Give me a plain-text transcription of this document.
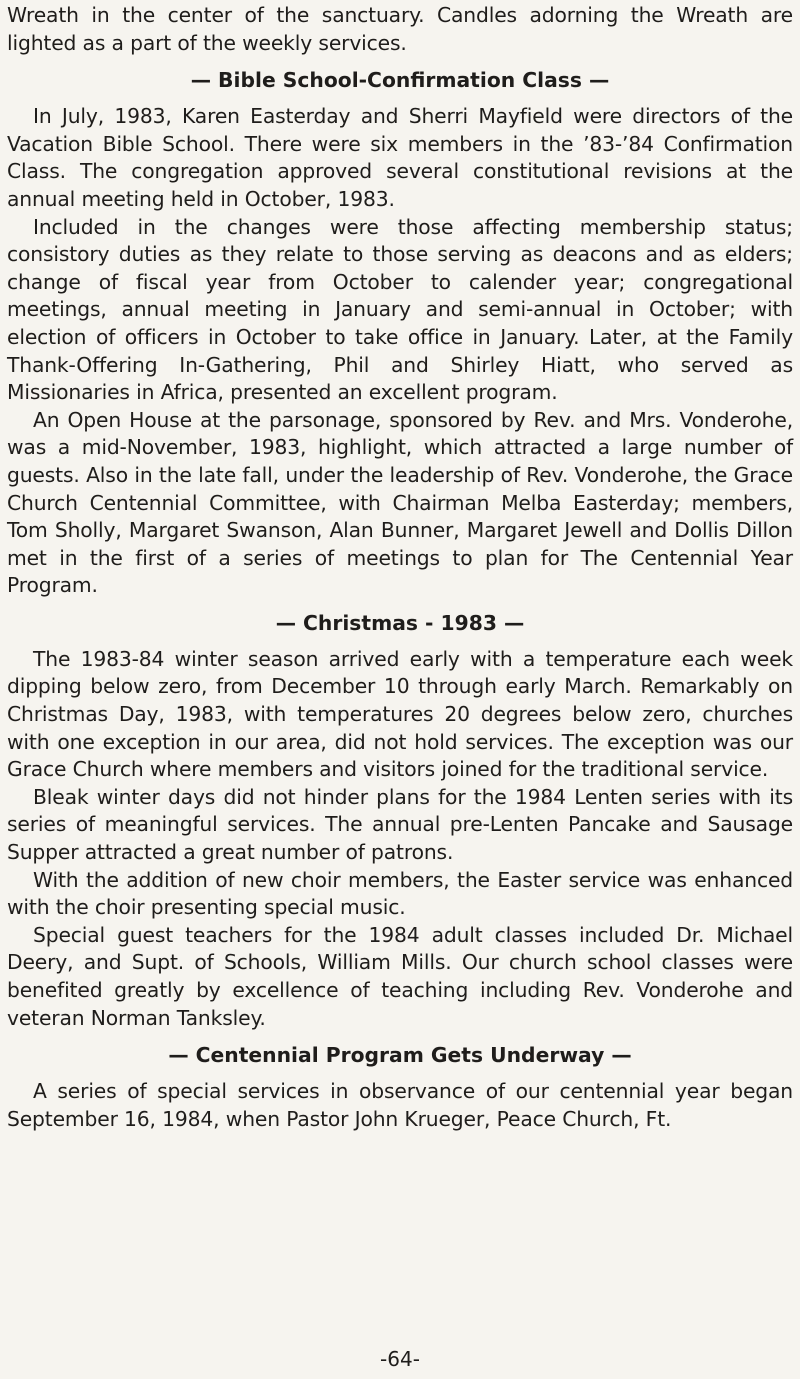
Wreath in the center of the sanctuary. Candles adorning the Wreath are lighted as a part of the weekly services.

— Bible School-Confirmation Class —

In July, 1983, Karen Easterday and Sherri Mayfield were directors of the Vacation Bible School. There were six members in the ’83-’84 Confirmation Class. The congregation approved several constitutional revisions at the annual meeting held in October, 1983.

Included in the changes were those affecting membership status; consistory duties as they relate to those serving as deacons and as elders; change of fiscal year from October to calender year; congregational meetings, annual meeting in January and semi-annual in October; with election of officers in October to take office in January. Later, at the Family Thank-Offering In-Gathering, Phil and Shirley Hiatt, who served as Missionaries in Africa, presented an excellent program.

An Open House at the parsonage, sponsored by Rev. and Mrs. Vonderohe, was a mid-November, 1983, highlight, which attracted a large number of guests. Also in the late fall, under the leadership of Rev. Vonderohe, the Grace Church Centennial Committee, with Chairman Melba Easterday; members, Tom Sholly, Margaret Swanson, Alan Bunner, Margaret Jewell and Dollis Dillon met in the first of a series of meetings to plan for The Centennial Year Program.

— Christmas - 1983 —

The 1983-84 winter season arrived early with a temperature each week dipping below zero, from December 10 through early March. Remarkably on Christmas Day, 1983, with temperatures 20 degrees below zero, churches with one exception in our area, did not hold services. The exception was our Grace Church where members and visitors joined for the traditional service.

Bleak winter days did not hinder plans for the 1984 Lenten series with its series of meaningful services. The annual pre-Lenten Pancake and Sausage Supper attracted a great number of patrons.

With the addition of new choir members, the Easter service was enhanced with the choir presenting special music.

Special guest teachers for the 1984 adult classes included Dr. Michael Deery, and Supt. of Schools, William Mills. Our church school classes were benefited greatly by excellence of teaching including Rev. Vonderohe and veteran Norman Tanksley.

— Centennial Program Gets Underway —

A series of special services in observance of our centennial year began September 16, 1984, when Pastor John Krueger, Peace Church, Ft.

-64-
